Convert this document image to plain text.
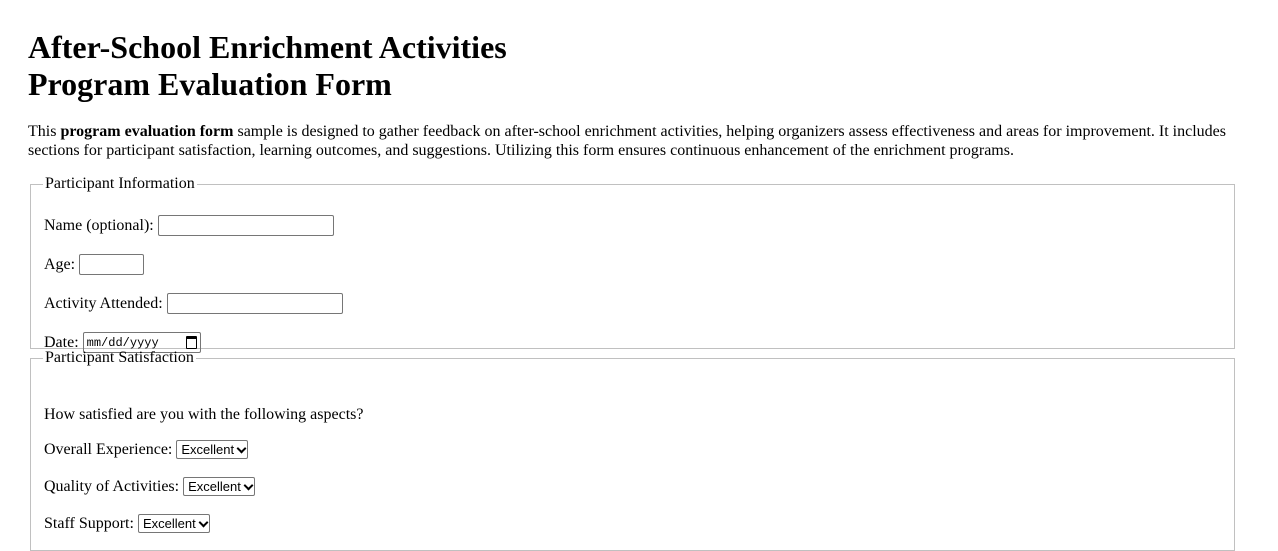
After-School Enrichment Activities
Program Evaluation Form

This program evaluation form sample is designed to gather feedback on after-school enrichment activities, helping organizers assess effectiveness and areas for improvement. It includes sections for participant satisfaction, learning outcomes, and suggestions. Utilizing this form ensures continuous enhancement of the enrichment programs.

Participant Information
Name (optional):
Age:
Activity Attended:
Date: mm/dd/yyyy
Participant Satisfaction
How satisfied are you with the following aspects?
Overall Experience: Excellent
Quality of Activities: Excellent
Staff Support: Excellent
